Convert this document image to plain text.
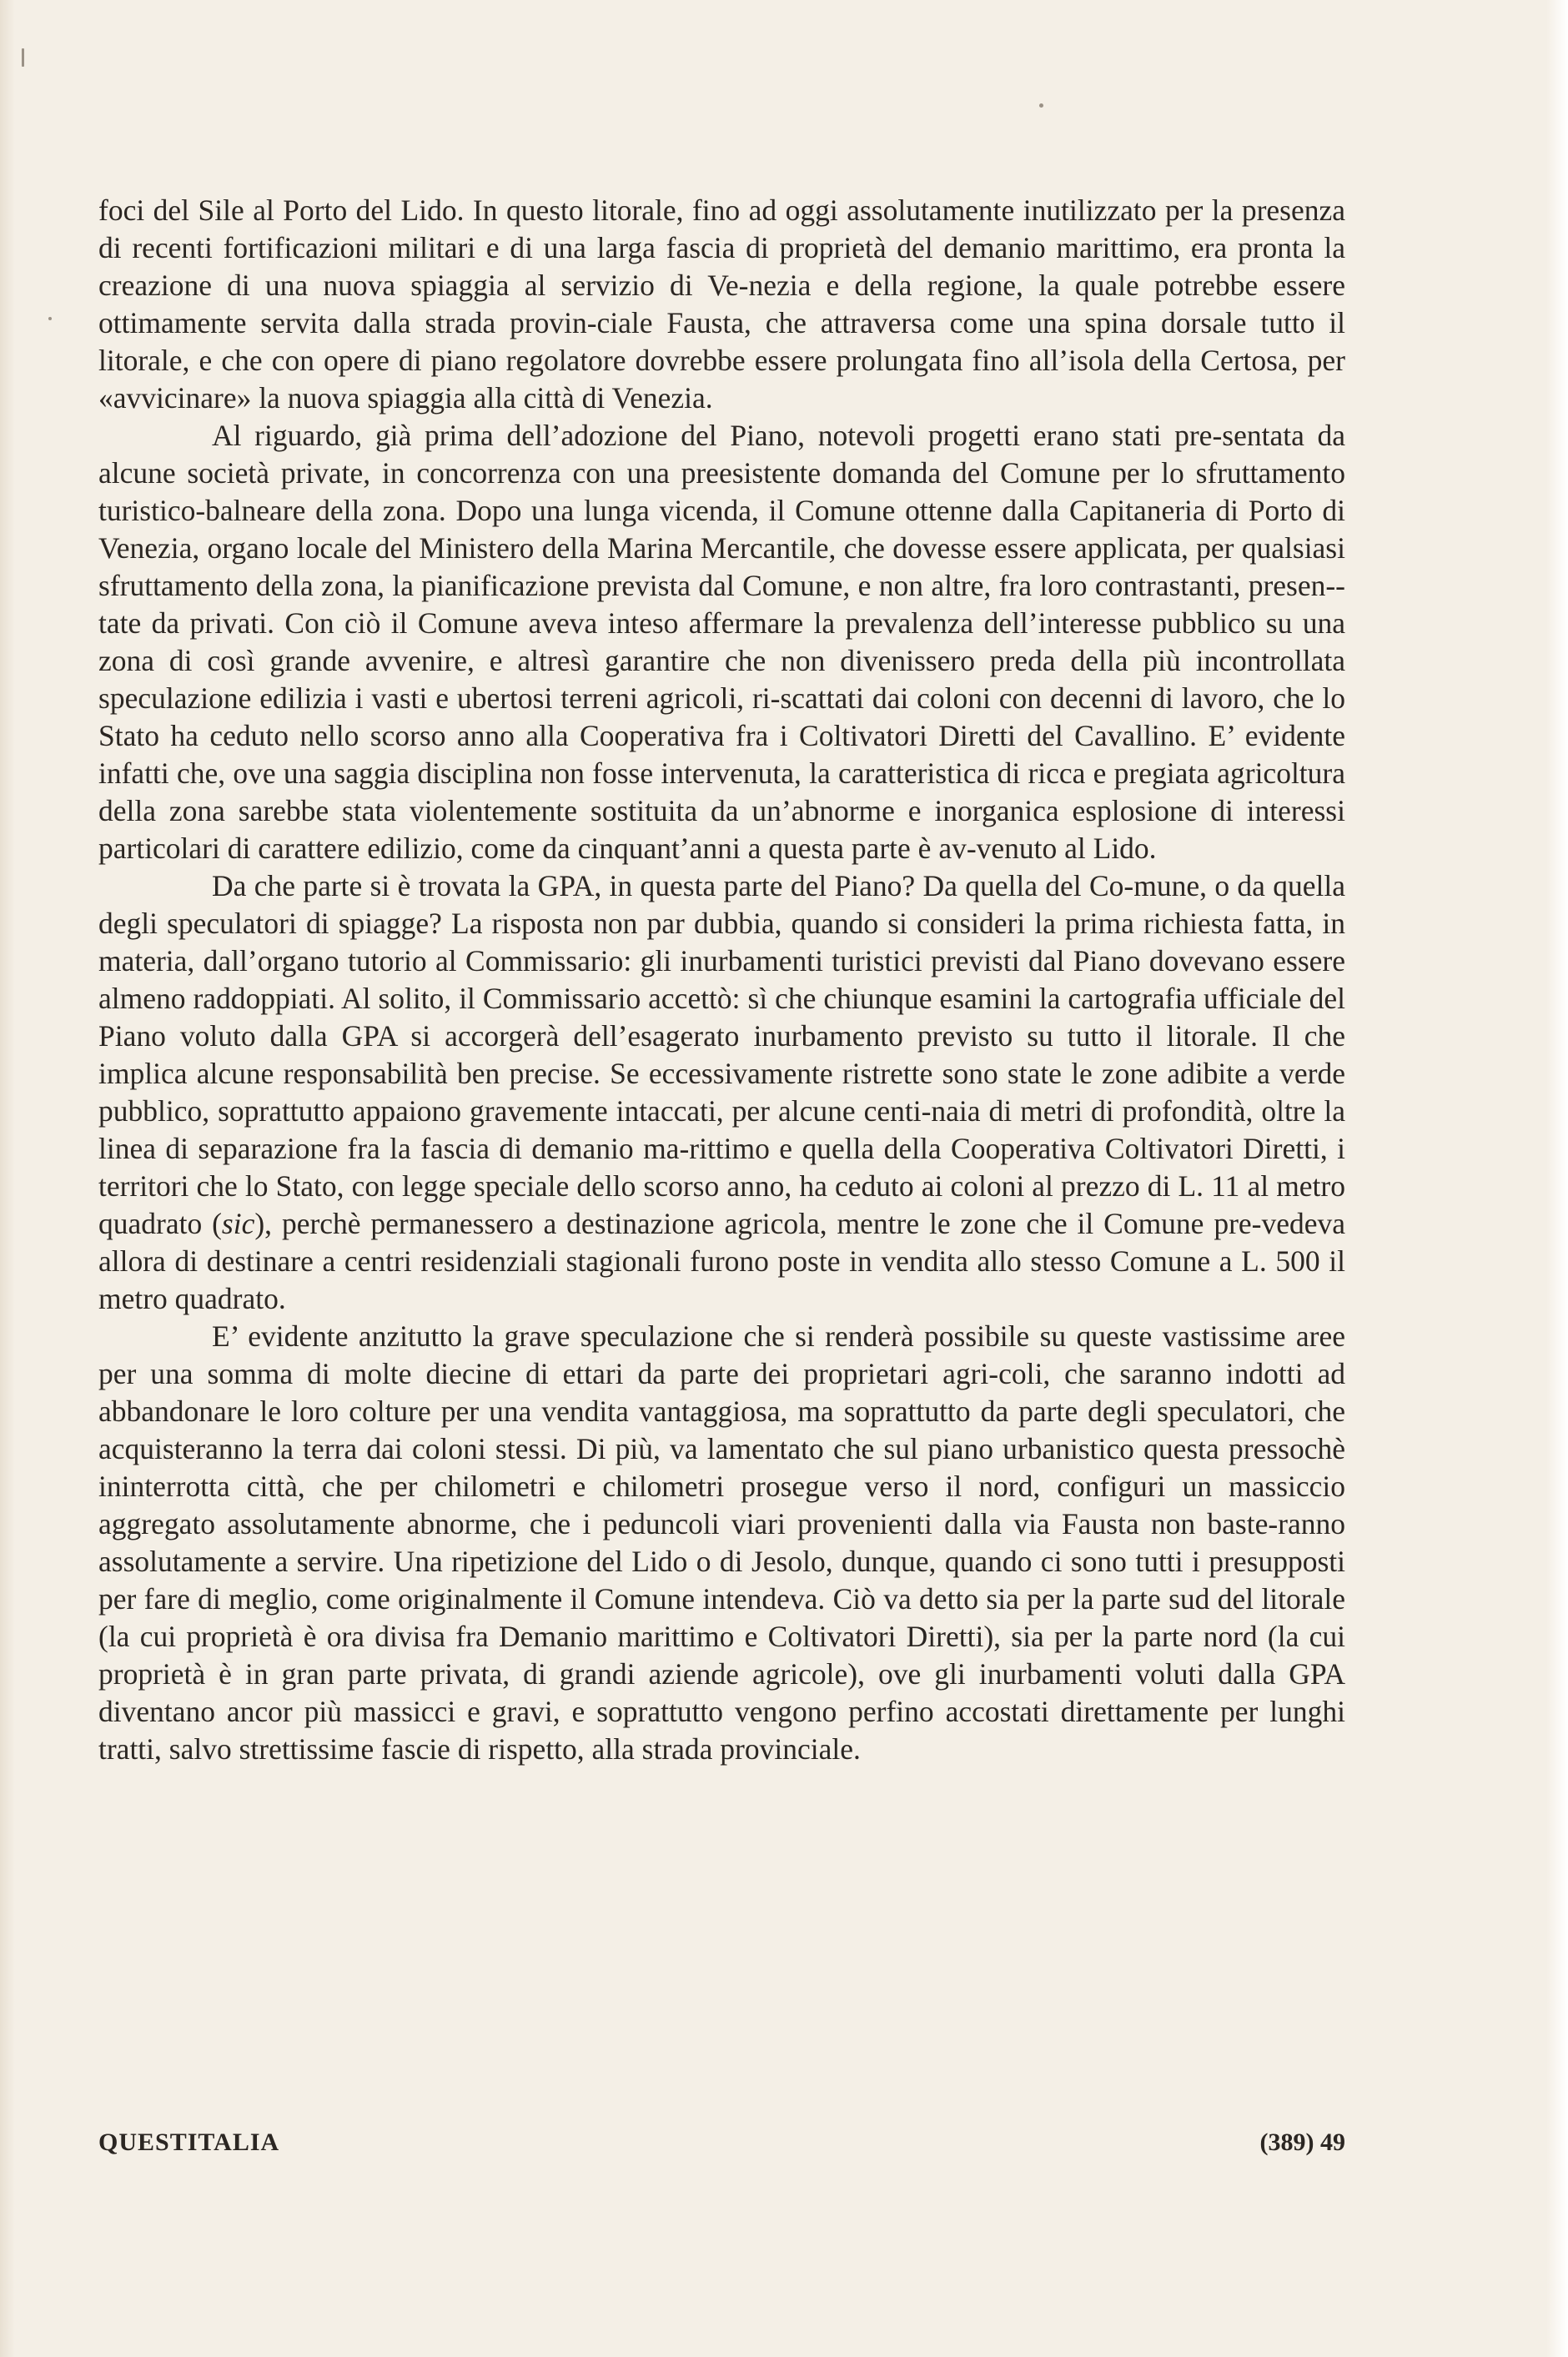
foci del Sile al Porto del Lido. In questo litorale, fino ad oggi assolutamente inutilizzato per la presenza di recenti fortificazioni militari e di una larga fascia di proprietà del demanio marittimo, era pronta la creazione di una nuova spiaggia al servizio di Ve-nezia e della regione, la quale potrebbe essere ottimamente servita dalla strada provin-ciale Fausta, che attraversa come una spina dorsale tutto il litorale, e che con opere di piano regolatore dovrebbe essere prolungata fino all’isola della Certosa, per «avvicinare» la nuova spiaggia alla città di Venezia.

Al riguardo, già prima dell’adozione del Piano, notevoli progetti erano stati pre-sentata da alcune società private, in concorrenza con una preesistente domanda del Comune per lo sfruttamento turistico-balneare della zona. Dopo una lunga vicenda, il Comune ottenne dalla Capitaneria di Porto di Venezia, organo locale del Ministero della Marina Mercantile, che dovesse essere applicata, per qualsiasi sfruttamento della zona, la pianificazione prevista dal Comune, e non altre, fra loro contrastanti, presen-tate da privati. Con ciò il Comune aveva inteso affermare la prevalenza dell’interesse pubblico su una zona di così grande avvenire, e altresì garantire che non divenissero preda della più incontrollata speculazione edilizia i vasti e ubertosi terreni agricoli, ri-scattati dai coloni con decenni di lavoro, che lo Stato ha ceduto nello scorso anno alla Cooperativa fra i Coltivatori Diretti del Cavallino. E’ evidente infatti che, ove una saggia disciplina non fosse intervenuta, la caratteristica di ricca e pregiata agricoltura della zona sarebbe stata violentemente sostituita da un’abnorme e inorganica esplosione di interessi particolari di carattere edilizio, come da cinquant’anni a questa parte è av-venuto al Lido.

Da che parte si è trovata la GPA, in questa parte del Piano? Da quella del Co-mune, o da quella degli speculatori di spiagge? La risposta non par dubbia, quando si consideri la prima richiesta fatta, in materia, dall’organo tutorio al Commissario: gli inurbamenti turistici previsti dal Piano dovevano essere almeno raddoppiati. Al solito, il Commissario accettò: sì che chiunque esamini la cartografia ufficiale del Piano voluto dalla GPA si accorgerà dell’esagerato inurbamento previsto su tutto il litorale. Il che implica alcune responsabilità ben precise. Se eccessivamente ristrette sono state le zone adibite a verde pubblico, soprattutto appaiono gravemente intaccati, per alcune centi-naia di metri di profondità, oltre la linea di separazione fra la fascia di demanio ma-rittimo e quella della Cooperativa Coltivatori Diretti, i territori che lo Stato, con legge speciale dello scorso anno, ha ceduto ai coloni al prezzo di L. 11 al metro quadrato (sic), perchè permanessero a destinazione agricola, mentre le zone che il Comune pre-vedeva allora di destinare a centri residenziali stagionali furono poste in vendita allo stesso Comune a L. 500 il metro quadrato.

E’ evidente anzitutto la grave speculazione che si renderà possibile su queste vastissime aree per una somma di molte diecine di ettari da parte dei proprietari agri-coli, che saranno indotti ad abbandonare le loro colture per una vendita vantaggiosa, ma soprattutto da parte degli speculatori, che acquisteranno la terra dai coloni stessi. Di più, va lamentato che sul piano urbanistico questa pressochè ininterrotta città, che per chilometri e chilometri prosegue verso il nord, configuri un massiccio aggregato assolutamente abnorme, che i peduncoli viari provenienti dalla via Fausta non baste-ranno assolutamente a servire. Una ripetizione del Lido o di Jesolo, dunque, quando ci sono tutti i presupposti per fare di meglio, come originalmente il Comune intendeva. Ciò va detto sia per la parte sud del litorale (la cui proprietà è ora divisa fra Demanio marittimo e Coltivatori Diretti), sia per la parte nord (la cui proprietà è in gran parte privata, di grandi aziende agricole), ove gli inurbamenti voluti dalla GPA diventano ancor più massicci e gravi, e soprattutto vengono perfino accostati direttamente per lunghi tratti, salvo strettissime fascie di rispetto, alla strada provinciale.

QUESTITALIA	(389) 49
